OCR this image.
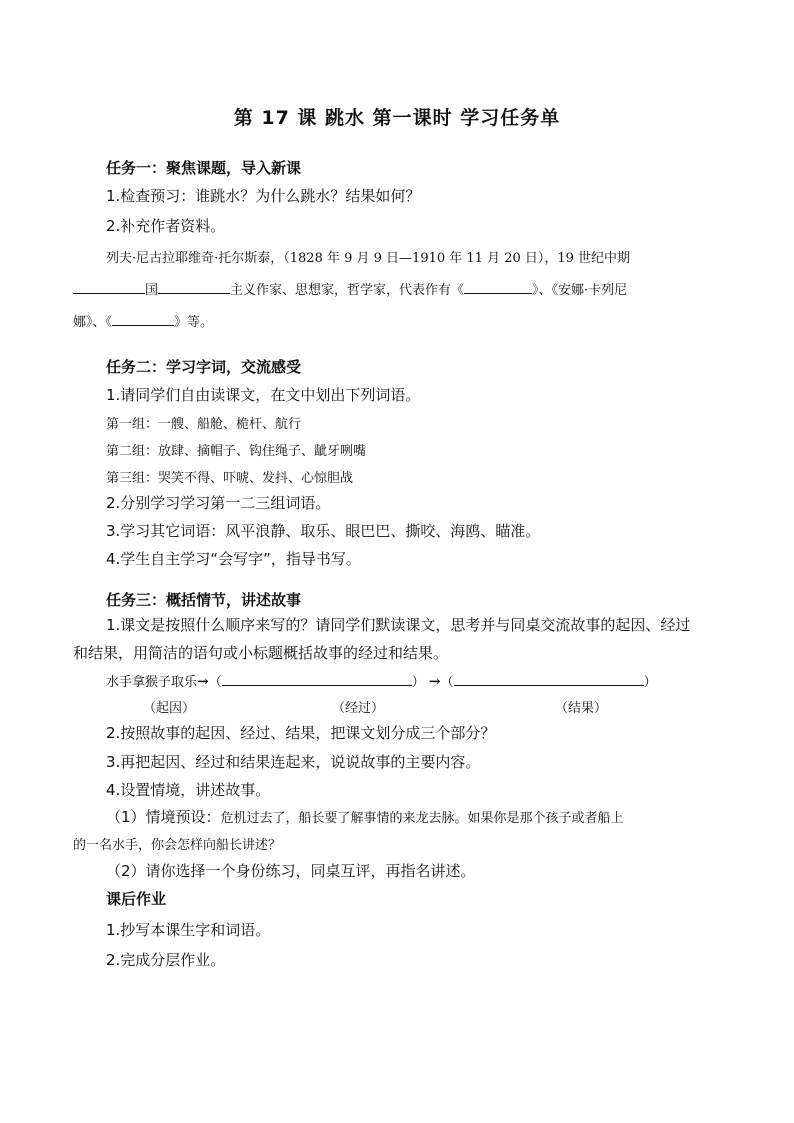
第 17 课 跳水 第一课时 学习任务单
任务一：聚焦课题，导入新课
1.检查预习：谁跳水？为什么跳水？结果如何？
2.补充作者资料。
列夫·尼古拉耶维奇·托尔斯泰，（1828 年 9 月 9 日—1910 年 11 月 20 日），19 世纪中期
国	主义作家、思想家，哲学家，代表作有《	》、《安娜·卡列尼
娜》、《	》等。
任务二：学习字词，交流感受
1.请同学们自由读课文，在文中划出下列词语。
第一组：一艘、船舱、桅杆、航行
第二组：放肆、摘帽子、钩住绳子、龇牙咧嘴
第三组：哭笑不得、吓唬、发抖、心惊胆战
2.分别学习学习第一二三组词语。
3.学习其它词语：风平浪静、取乐、眼巴巴、撕咬、海鸥、瞄准。
4.学生自主学习“会写字”，指导书写。
任务三：概括情节，讲述故事
1.课文是按照什么顺序来写的？请同学们默读课文，思考并与同桌交流故事的起因、经过
和结果，用简洁的语句或小标题概括故事的经过和结果。
水手拿猴子取乐→（	） →（	）
（起因）	（经过）	（结果）
2.按照故事的起因、经过、结果，把课文划分成三个部分？
3.再把起因、经过和结果连起来，说说故事的主要内容。
4.设置情境，讲述故事。
（1）情境预设：危机过去了，船长要了解事情的来龙去脉。如果你是那个孩子或者船上
的一名水手，你会怎样向船长讲述？
（2）请你选择一个身份练习，同桌互评，再指名讲述。
课后作业
1.抄写本课生字和词语。
2.完成分层作业。
